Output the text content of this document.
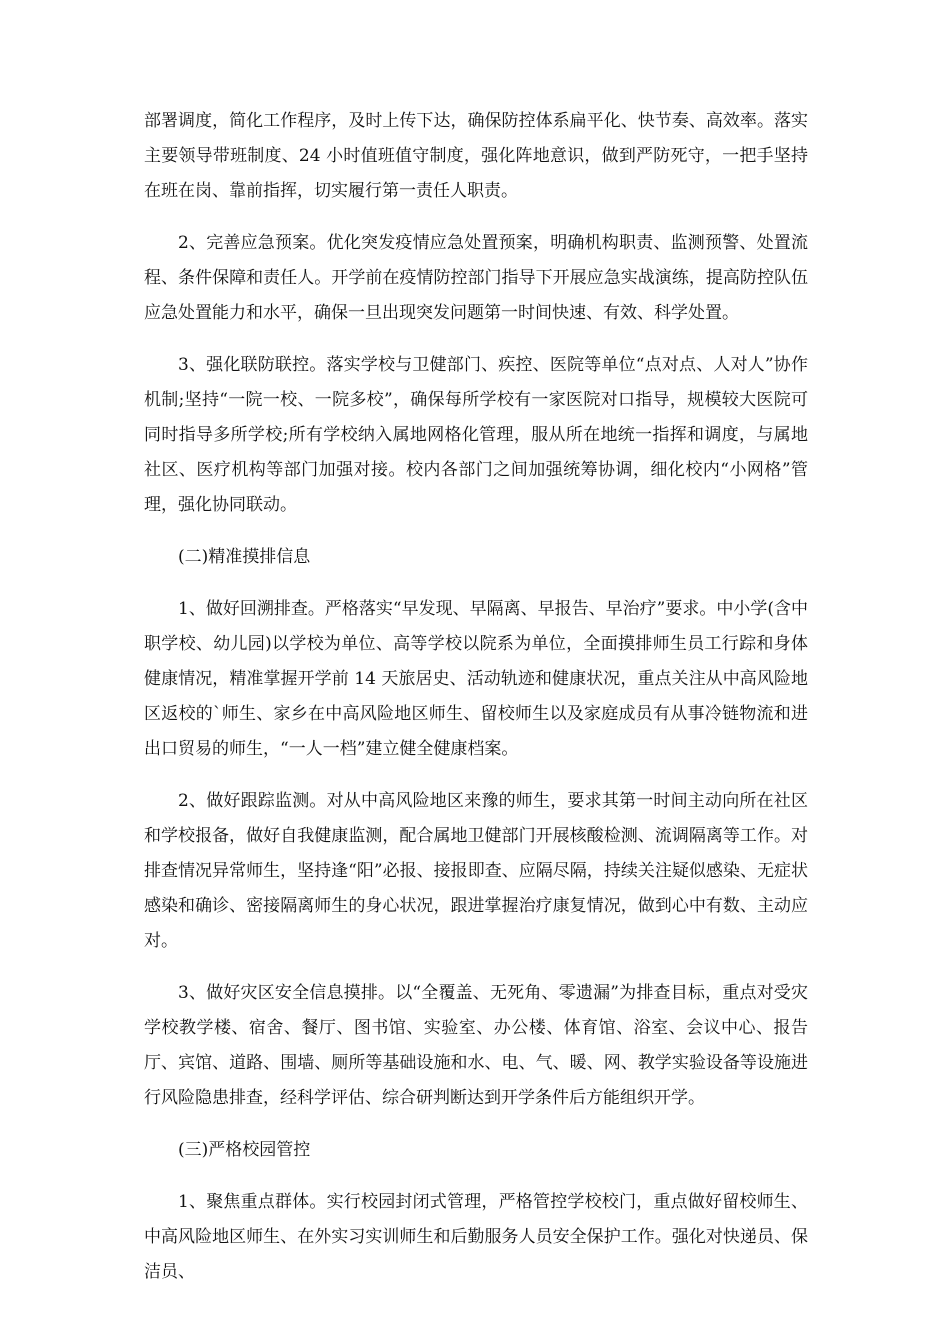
部署调度，简化工作程序，及时上传下达，确保防控体系扁平化、快节奏、高效率。落实主要领导带班制度、24 小时值班值守制度，强化阵地意识，做到严防死守，一把手坚持在班在岗、靠前指挥，切实履行第一责任人职责。

2、完善应急预案。优化突发疫情应急处置预案，明确机构职责、监测预警、处置流程、条件保障和责任人。开学前在疫情防控部门指导下开展应急实战演练，提高防控队伍应急处置能力和水平，确保一旦出现突发问题第一时间快速、有效、科学处置。

3、强化联防联控。落实学校与卫健部门、疾控、医院等单位“点对点、人对人”协作机制;坚持“一院一校、一院多校”，确保每所学校有一家医院对口指导，规模较大医院可同时指导多所学校;所有学校纳入属地网格化管理，服从所在地统一指挥和调度，与属地社区、医疗机构等部门加强对接。校内各部门之间加强统筹协调，细化校内“小网格”管理，强化协同联动。

(二)精准摸排信息

1、做好回溯排查。严格落实“早发现、早隔离、早报告、早治疗”要求。中小学(含中职学校、幼儿园)以学校为单位、高等学校以院系为单位，全面摸排师生员工行踪和身体健康情况，精准掌握开学前 14 天旅居史、活动轨迹和健康状况，重点关注从中高风险地区返校的`师生、家乡在中高风险地区师生、留校师生以及家庭成员有从事冷链物流和进出口贸易的师生，“一人一档”建立健全健康档案。

2、做好跟踪监测。对从中高风险地区来豫的师生，要求其第一时间主动向所在社区和学校报备，做好自我健康监测，配合属地卫健部门开展核酸检测、流调隔离等工作。对排查情况异常师生，坚持逢“阳”必报、接报即查、应隔尽隔，持续关注疑似感染、无症状感染和确诊、密接隔离师生的身心状况，跟进掌握治疗康复情况，做到心中有数、主动应对。

3、做好灾区安全信息摸排。以“全覆盖、无死角、零遗漏”为排查目标，重点对受灾学校教学楼、宿舍、餐厅、图书馆、实验室、办公楼、体育馆、浴室、会议中心、报告厅、宾馆、道路、围墙、厕所等基础设施和水、电、气、暖、网、教学实验设备等设施进行风险隐患排查，经科学评估、综合研判断达到开学条件后方能组织开学。

(三)严格校园管控

1、聚焦重点群体。实行校园封闭式管理，严格管控学校校门，重点做好留校师生、中高风险地区师生、在外实习实训师生和后勤服务人员安全保护工作。强化对快递员、保洁员、
